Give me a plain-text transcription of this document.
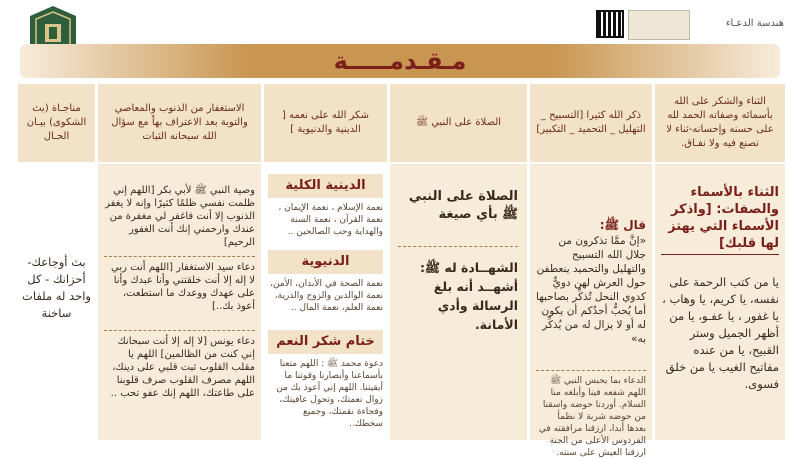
هندسة الدعـاء
مـقـدمـــــة
الثناء والشكر على الله بأسمائه وصفاته الحمد لله على حسنه وإحسانه-ثناء لا تصنع فيه ولا نفـاق.
ذكر الله كثيرا [التسبيح _ التهليل _ التحميد _ التكبير]
الصلاة على النبي ﷺ
شكر الله على نعمه [ الدينية والدنيوية ]
الاستغفار من الذنوب والمعاصي والتوبة بعد الاعتراف بهاً مع سؤال الله سبحانه الثبات
مناجـاة (بث الشكوى) بيـان الحـال
الثناء بالأسماء والصفات: [واذكر الأسماء التي يهتز لها قلبك]
يا من كتب الرحمة على نفسه، يا كريم، يا وهاب ، يا غفور ، يا عفـو، يا من أظهر الجميل وستر القبيح، يا من عنده مفاتيح الغيب يا من خلق فسوى.
قال ﷺ:
«إنَّ ممَّا تذكرون من جلال الله التسبيح والتهليل والتحميد ينعطفن حول العرش لهن دويٌّ كدوي النحل تُذكِّر بصاحبها أما يُحبُّ أحدُكم أن يكون له أو لا يزال له من يُذكِّر به»
الدعاء بما يحبس النبي ﷺ اللهم شفعه فينا وأبلغه منا السلام. أوردنا حوضه واسقنا من حوضه شربة لا نظمأ بعدها أبدا، ارزقنا مرافقته في الفردوس الأعلى من الجنة ارزقنا العيش على سنته.
الصلاة على النبي ﷺ بأي صيغة
الشهــادة له ﷺ: أشهــد أنه بلغ الرسالة وأدي الأمانة.
الدينية الكلية
نعمة الإسلام ، نعمة الإيمان ، نعمة القرآن ، نعمة السنة والهداية وحب الصالحين ..
الدنيوية
نعمة الصحة في الأبدان، الأمن، نعمة الوالدين والزوج والذرية، نعمة العلم، نعمة المال ..
ختام شكر النعم
دعوة محمد ﷺ : اللهم متعنا بأسماعنا وأبصارنا وقوتنا ما أبقيتنا. اللهم إني أعوذ بك من زوال نعمتك، وتحول عافيتك، وفجاءة نقمتك، وجميع سخطك..
وصية النبي ﷺ لأبي بكر [اللهم إني ظلمت نفسي ظلمًا كثيرًا وإنه لا يغفر الذنوب إلا أنت فاغفر لي مغفرة من عندك وارحمني إنك أنت الغفور الرحيم]
دعاء سيد الاستغفار [اللهم أنت ربي لا إله إلا أنت خلقتني وأنا عبدك وأنا على عهدك ووعدك ما استطعت، أعوذ بك..]
دعاء يونس [لا إله إلا أنت سبحانك إني كنت من الظالمين] اللهم يا مقلب القلوب ثبت قلبي على دينك، اللهم مصرف القلوب صرف قلوبنا على طاعتك، اللهم إنك عفو تحب ..
بث أوجاعك- أحزانك - كل واحد له ملفات ساخنة
